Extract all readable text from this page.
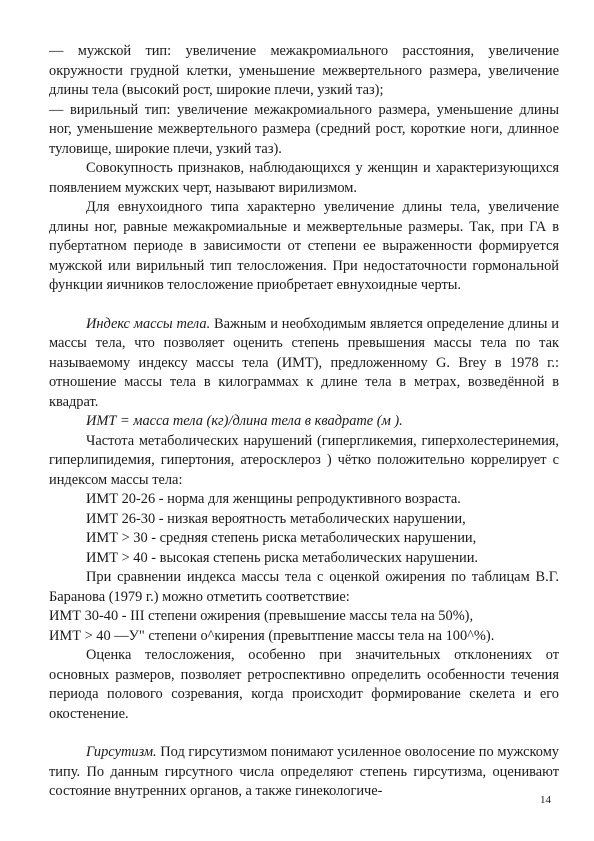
— мужской тип: увеличение межакромиального расстояния, увеличение окружности грудной клетки, уменьшение межвертельного размера, увеличение длины тела (высокий рост, широкие плечи, узкий таз);

— вирильный тип: увеличение межакромиального размера, уменьшение длины ног, уменьшение межвертельного размера (средний рост, короткие ноги, длинное туловище, широкие плечи, узкий таз).

Совокупность признаков, наблюдающихся у женщин и характеризующихся появлением мужских черт, называют вирилизмом.

Для евнухоидного типа характерно увеличение длины тела, увеличение длины ног, равные межакромиальные и межвертельные размеры. Так, при ГА в пубертатном периоде в зависимости от степени ее выраженности формируется мужской или вирильный тип телосложения. При недостаточности гормональной функции яичников телосложение приобретает евнухоидные черты.

Индекс массы тела. Важным и необходимым является определение длины и массы тела, что позволяет оценить степень превышения массы тела по так называемому индексу массы тела (ИМТ), предложенному G. Brey в 1978 г.: отношение массы тела в килограммах к длине тела в метрах, возведённой в квадрат.

ИМТ = масса тела (кг)/длина тела в квадрате (м ).

Частота метаболических нарушений (гипергликемия, гиперхолестеринемия, гиперлипидемия, гипертония, атеросклероз ) чётко положительно коррелирует с индексом массы тела:

ИМТ 20-26 - норма для женщины репродуктивного возраста.

ИМТ 26-30 - низкая вероятность метаболических нарушении,

ИМТ > 30 - средняя степень риска метаболических нарушении,

ИМТ > 40 - высокая степень риска метаболических нарушении.

При сравнении индекса массы тела с оценкой ожирения по таблицам В.Г. Баранова (1979 г.) можно отметить соответствие:

ИМТ 30-40 - III степени ожирения (превышение массы тела на 50%),

ИМТ > 40 —У" степени о^кирения (превытпение массы тела на 100^%).

Оценка телосложения, особенно при значительных отклонениях от основных размеров, позволяет ретроспективно определить особенности течения периода полового созревания, когда происходит формирование скелета и его окостенение.

Гирсутизм. Под гирсутизмом понимают усиленное оволосение по мужскому типу. По данным гирсутного числа определяют степень гирсутизма, оценивают состояние внутренних органов, а также гинекологиче-

14
